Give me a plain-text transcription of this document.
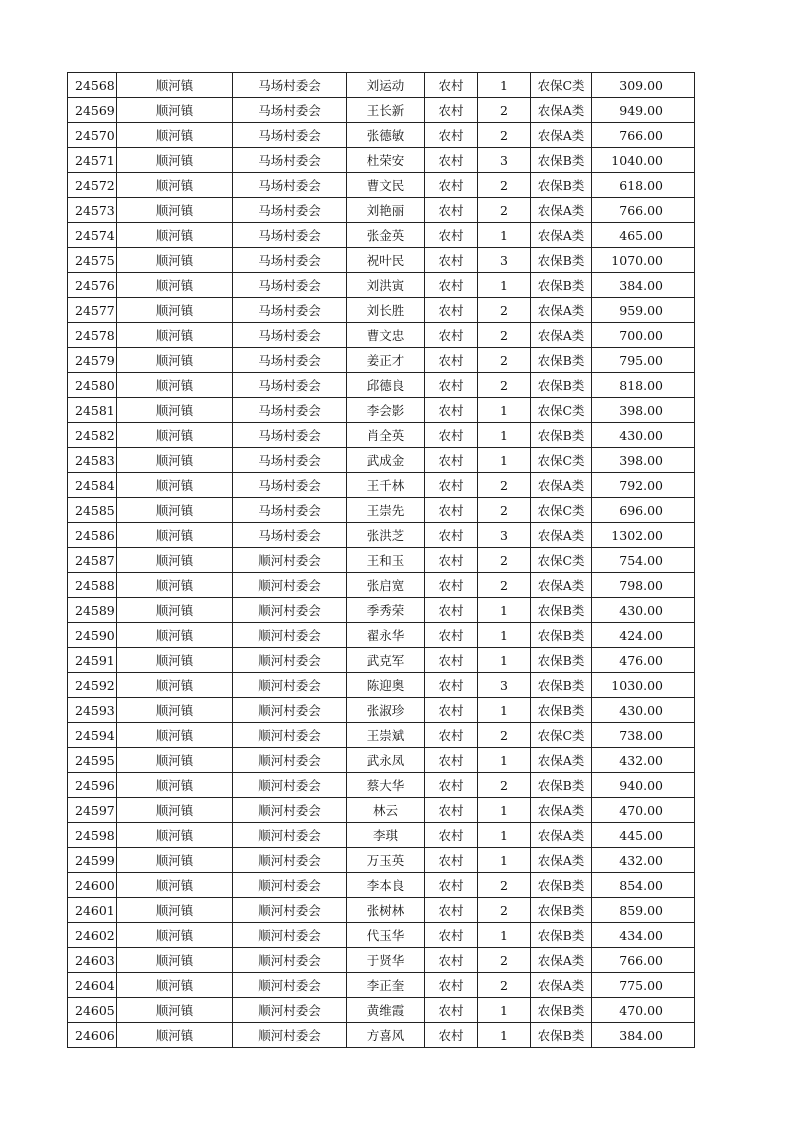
24568	顺河镇	马场村委会	刘运动	农村	1	农保C类	309.00
24569	顺河镇	马场村委会	王长新	农村	2	农保A类	949.00
24570	顺河镇	马场村委会	张德敏	农村	2	农保A类	766.00
24571	顺河镇	马场村委会	杜荣安	农村	3	农保B类	1040.00
24572	顺河镇	马场村委会	曹文民	农村	2	农保B类	618.00
24573	顺河镇	马场村委会	刘艳丽	农村	2	农保A类	766.00
24574	顺河镇	马场村委会	张金英	农村	1	农保A类	465.00
24575	顺河镇	马场村委会	祝叶民	农村	3	农保B类	1070.00
24576	顺河镇	马场村委会	刘洪寅	农村	1	农保B类	384.00
24577	顺河镇	马场村委会	刘长胜	农村	2	农保A类	959.00
24578	顺河镇	马场村委会	曹文忠	农村	2	农保A类	700.00
24579	顺河镇	马场村委会	姜正才	农村	2	农保B类	795.00
24580	顺河镇	马场村委会	邱德良	农村	2	农保B类	818.00
24581	顺河镇	马场村委会	李会影	农村	1	农保C类	398.00
24582	顺河镇	马场村委会	肖全英	农村	1	农保B类	430.00
24583	顺河镇	马场村委会	武成金	农村	1	农保C类	398.00
24584	顺河镇	马场村委会	王千林	农村	2	农保A类	792.00
24585	顺河镇	马场村委会	王崇先	农村	2	农保C类	696.00
24586	顺河镇	马场村委会	张洪芝	农村	3	农保A类	1302.00
24587	顺河镇	顺河村委会	王和玉	农村	2	农保C类	754.00
24588	顺河镇	顺河村委会	张启宽	农村	2	农保A类	798.00
24589	顺河镇	顺河村委会	季秀荣	农村	1	农保B类	430.00
24590	顺河镇	顺河村委会	翟永华	农村	1	农保B类	424.00
24591	顺河镇	顺河村委会	武克军	农村	1	农保B类	476.00
24592	顺河镇	顺河村委会	陈迎奥	农村	3	农保B类	1030.00
24593	顺河镇	顺河村委会	张淑珍	农村	1	农保B类	430.00
24594	顺河镇	顺河村委会	王崇斌	农村	2	农保C类	738.00
24595	顺河镇	顺河村委会	武永凤	农村	1	农保A类	432.00
24596	顺河镇	顺河村委会	蔡大华	农村	2	农保B类	940.00
24597	顺河镇	顺河村委会	林云	农村	1	农保A类	470.00
24598	顺河镇	顺河村委会	李琪	农村	1	农保A类	445.00
24599	顺河镇	顺河村委会	万玉英	农村	1	农保A类	432.00
24600	顺河镇	顺河村委会	李本良	农村	2	农保B类	854.00
24601	顺河镇	顺河村委会	张树林	农村	2	农保B类	859.00
24602	顺河镇	顺河村委会	代玉华	农村	1	农保B类	434.00
24603	顺河镇	顺河村委会	于贤华	农村	2	农保A类	766.00
24604	顺河镇	顺河村委会	李正奎	农村	2	农保A类	775.00
24605	顺河镇	顺河村委会	黄维霞	农村	1	农保B类	470.00
24606	顺河镇	顺河村委会	方喜风	农村	1	农保B类	384.00
